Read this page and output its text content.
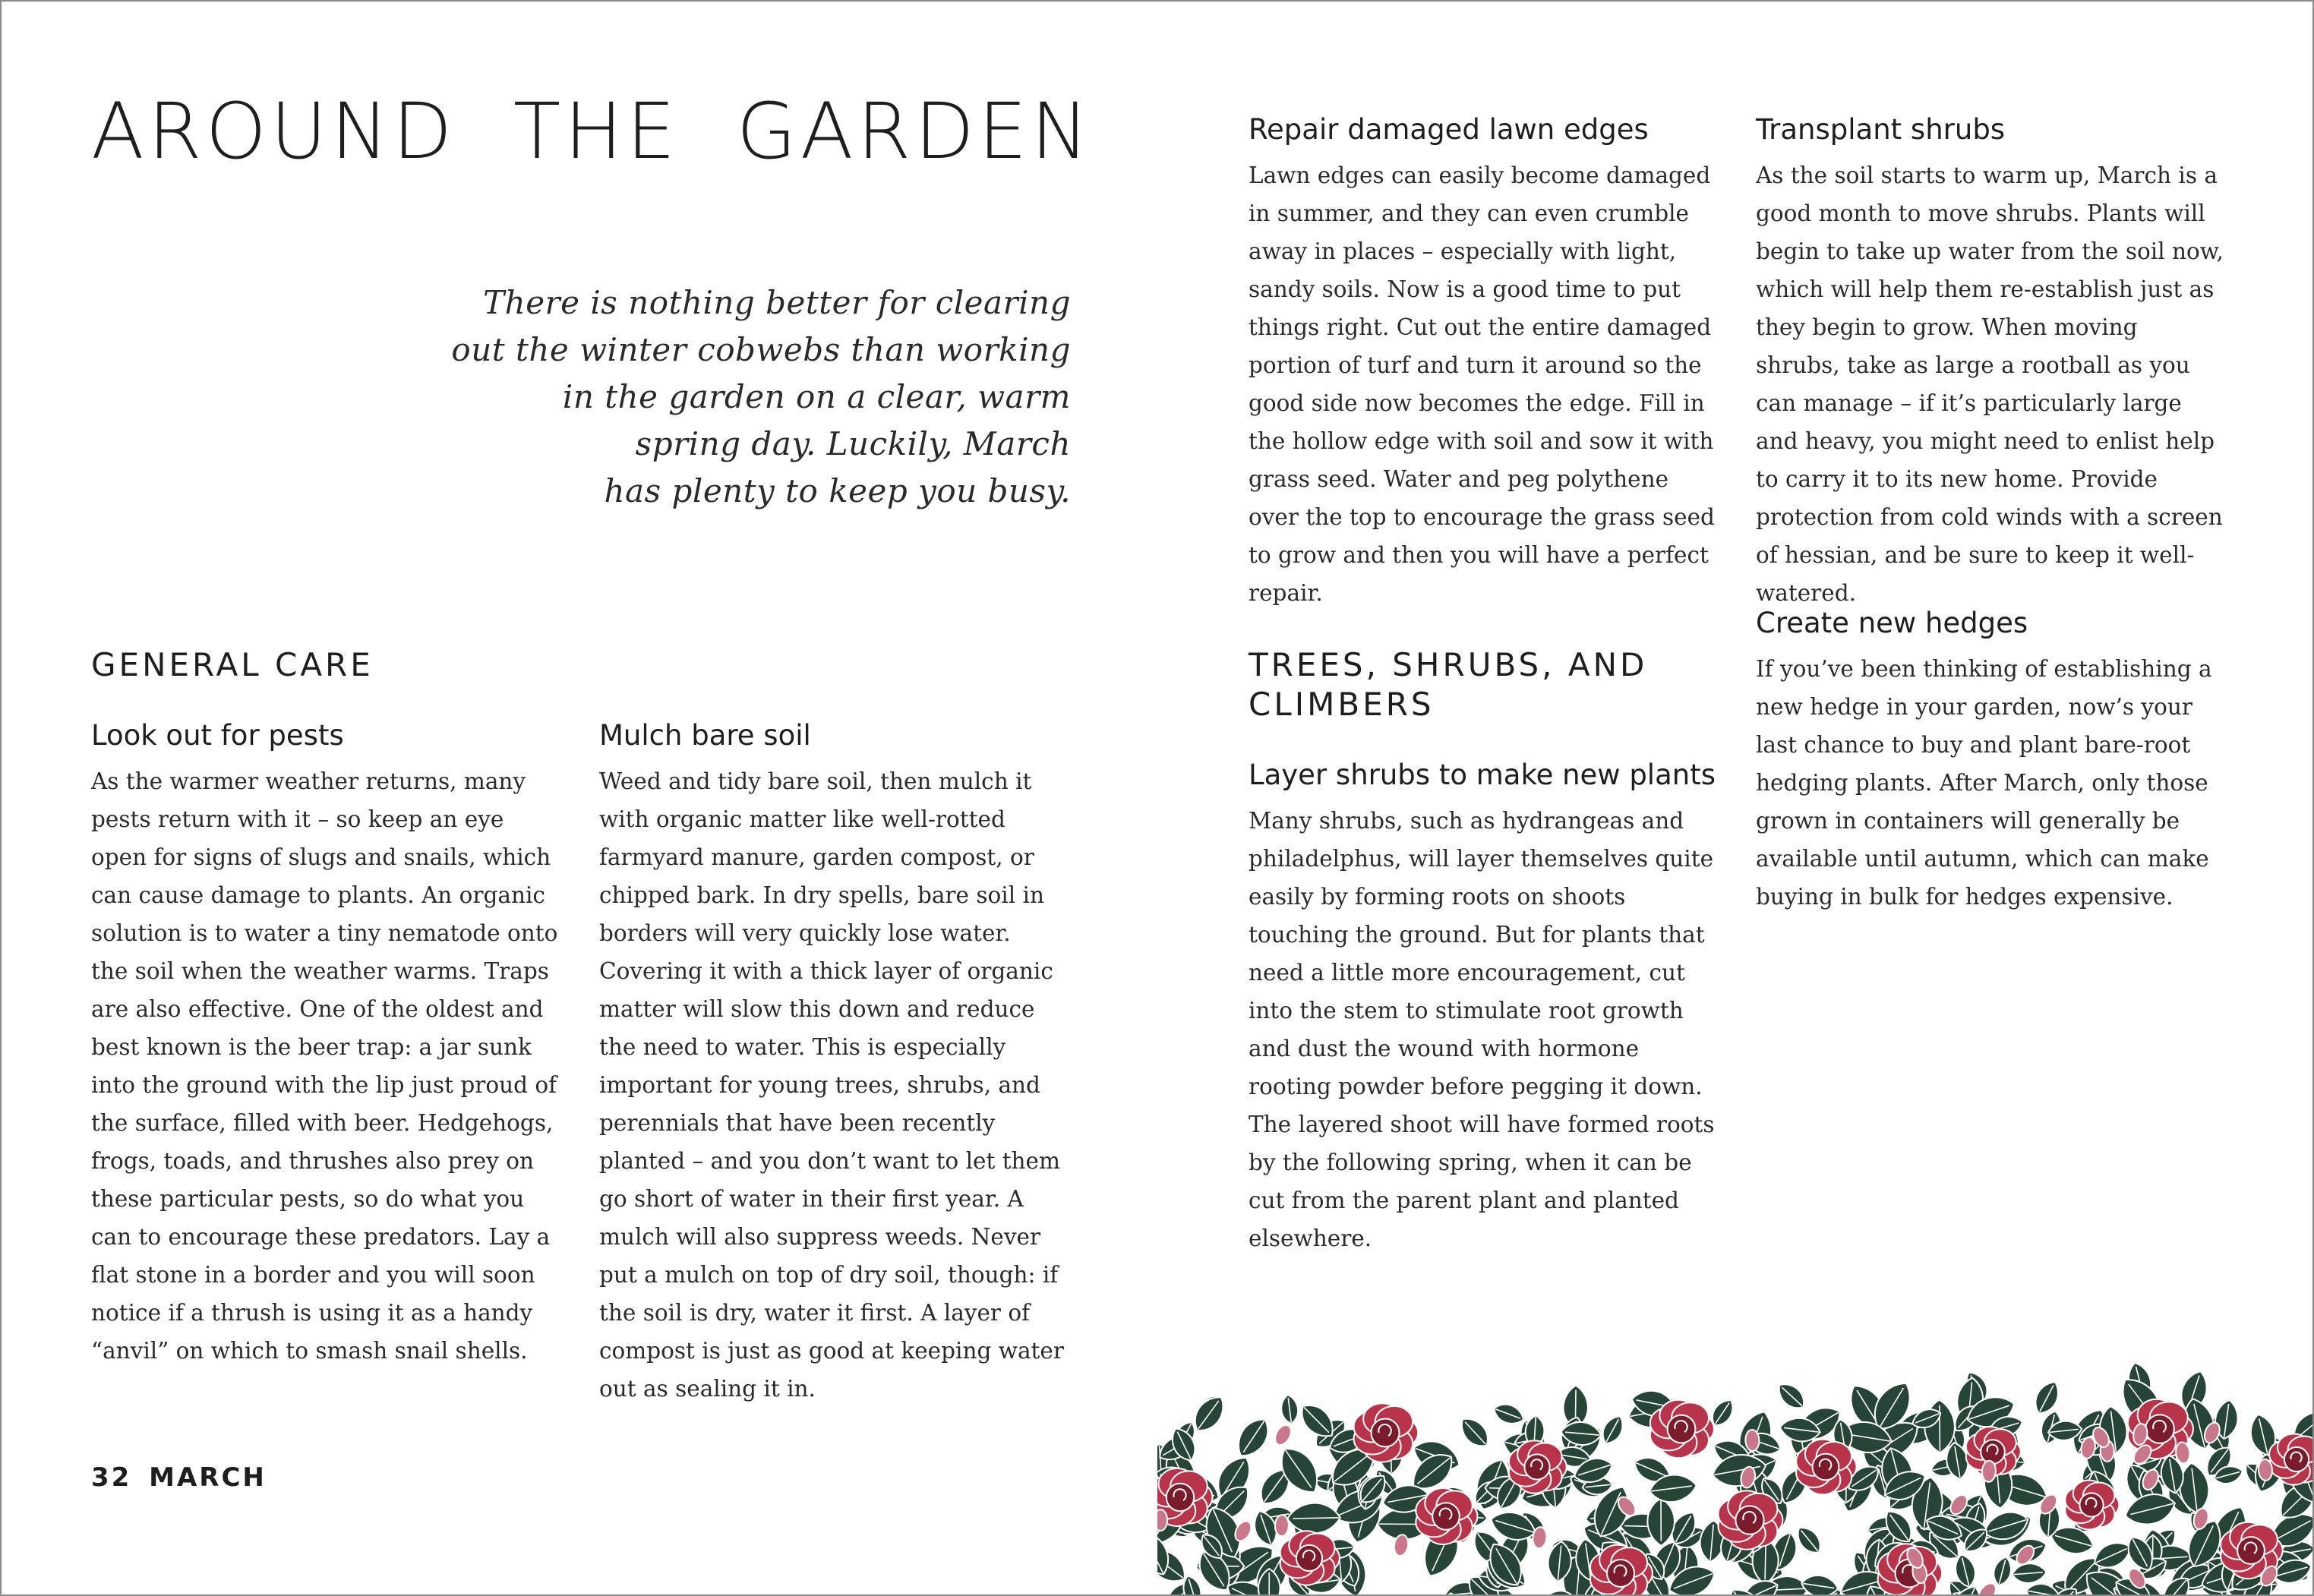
AROUND THE GARDEN
There is nothing better for clearing
out the winter cobwebs than working
in the garden on a clear, warm
spring day. Luckily, March
has plenty to keep you busy.
GENERAL CARE
Look out for pests

As the warmer weather returns, many pests return with it – so keep an eye open for signs of slugs and snails, which can cause damage to plants. An organic solution is to water a tiny nematode onto the soil when the weather warms. Traps are also effective. One of the oldest and best known is the beer trap: a jar sunk into the ground with the lip just proud of the surface, filled with beer. Hedgehogs, frogs, toads, and thrushes also prey on these particular pests, so do what you can to encourage these predators. Lay a flat stone in a border and you will soon notice if a thrush is using it as a handy “anvil” on which to smash snail shells.

Mulch bare soil

Weed and tidy bare soil, then mulch it with organic matter like well-rotted farmyard manure, garden compost, or chipped bark. In dry spells, bare soil in borders will very quickly lose water. Covering it with a thick layer of organic matter will slow this down and reduce the need to water. This is especially important for young trees, shrubs, and perennials that have been recently planted – and you don’t want to let them go short of water in their first year. A mulch will also suppress weeds. Never put a mulch on top of dry soil, though: if the soil is dry, water it first. A layer of compost is just as good at keeping water out as sealing it in.

Repair damaged lawn edges

Lawn edges can easily become damaged in summer, and they can even crumble away in places – especially with light, sandy soils. Now is a good time to put things right. Cut out the entire damaged portion of turf and turn it around so the good side now becomes the edge. Fill in the hollow edge with soil and sow it with grass seed. Water and peg polythene over the top to encourage the grass seed to grow and then you will have a perfect repair.

TREES, SHRUBS, AND
CLIMBERS
Layer shrubs to make new plants

Many shrubs, such as hydrangeas and philadelphus, will layer themselves quite easily by forming roots on shoots touching the ground. But for plants that need a little more encouragement, cut into the stem to stimulate root growth and dust the wound with hormone rooting powder before pegging it down. The layered shoot will have formed roots by the following spring, when it can be cut from the parent plant and planted elsewhere.

Transplant shrubs

As the soil starts to warm up, March is a good month to move shrubs. Plants will begin to take up water from the soil now, which will help them re-establish just as they begin to grow. When moving shrubs, take as large a rootball as you can manage – if it’s particularly large and heavy, you might need to enlist help to carry it to its new home. Provide protection from cold winds with a screen of hessian, and be sure to keep it well-watered.

Create new hedges

If you’ve been thinking of establishing a new hedge in your garden, now’s your last chance to buy and plant bare-root hedging plants. After March, only those grown in containers will generally be available until autumn, which can make buying in bulk for hedges expensive.

32 MARCH
